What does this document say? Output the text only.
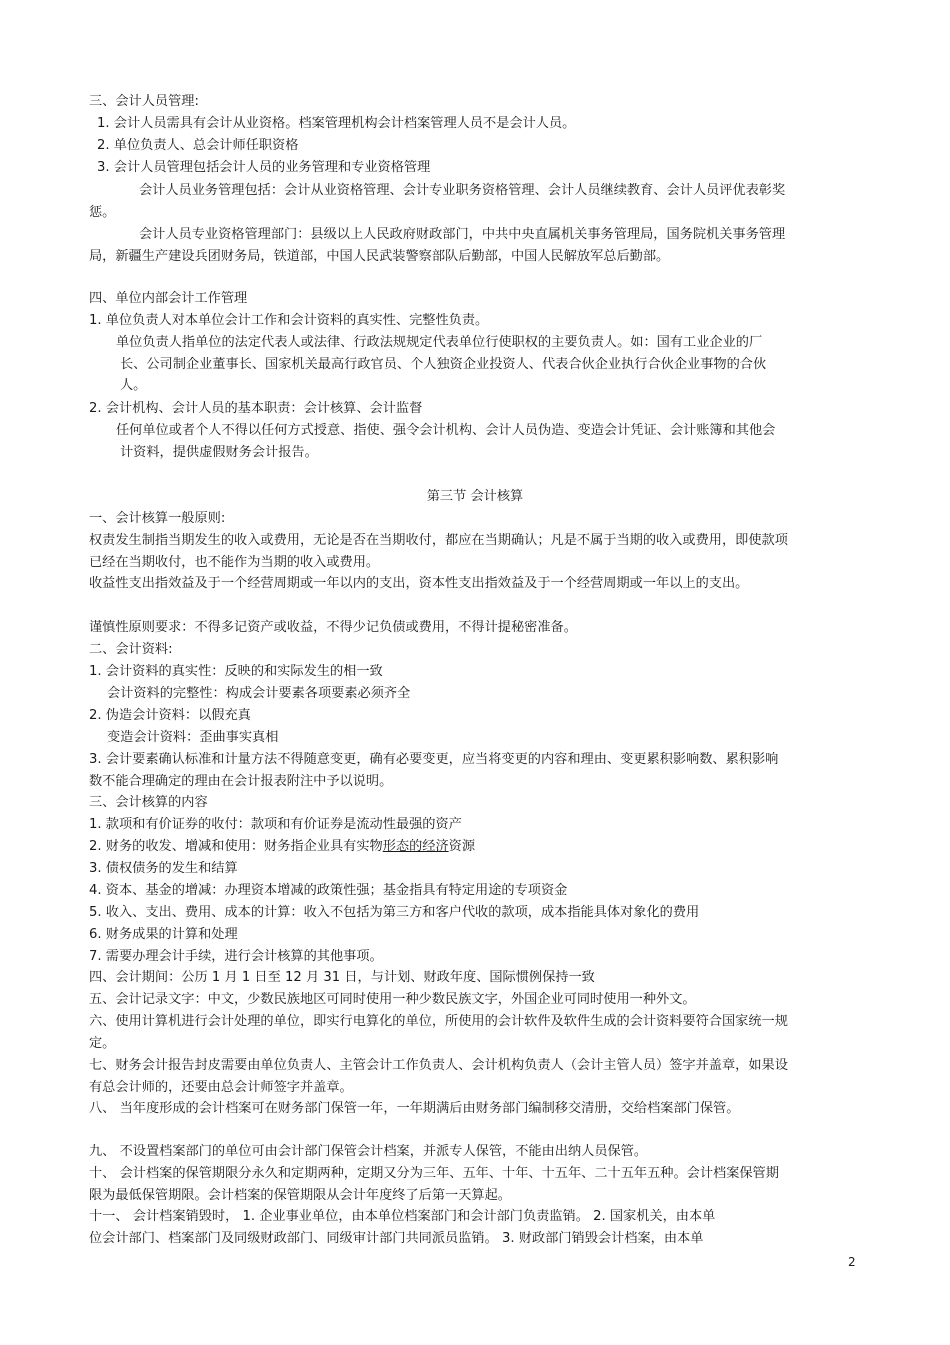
三、会计人员管理:
1. 会计人员需具有会计从业资格。档案管理机构会计档案管理人员不是会计人员。
2. 单位负责人、总会计师任职资格
3. 会计人员管理包括会计人员的业务管理和专业资格管理
会计人员业务管理包括：会计从业资格管理、会计专业职务资格管理、会计人员继续教育、会计人员评优表彰奖惩。
会计人员专业资格管理部门：县级以上人民政府财政部门，中共中央直属机关事务管理局，国务院机关事务管理局，新疆生产建设兵团财务局，铁道部，中国人民武装警察部队后勤部，中国人民解放军总后勤部。
四、单位内部会计工作管理
1. 单位负责人对本单位会计工作和会计资料的真实性、完整性负责。
单位负责人指单位的法定代表人或法律、行政法规规定代表单位行使职权的主要负责人。如：国有工业企业的厂长、公司制企业董事长、国家机关最高行政官员、个人独资企业投资人、代表合伙企业执行合伙企业事物的合伙人。
2. 会计机构、会计人员的基本职责：会计核算、会计监督
任何单位或者个人不得以任何方式授意、指使、强令会计机构、会计人员伪造、变造会计凭证、会计账簿和其他会计资料，提供虚假财务会计报告。
第三节 会计核算
一、会计核算一般原则:
权责发生制指当期发生的收入或费用，无论是否在当期收付，都应在当期确认；凡是不属于当期的收入或费用，即使款项已经在当期收付，也不能作为当期的收入或费用。
收益性支出指效益及于一个经营周期或一年以内的支出，资本性支出指效益及于一个经营周期或一年以上的支出。
谨慎性原则要求：不得多记资产或收益，不得少记负债或费用，不得计提秘密准备。
二、会计资料:
1. 会计资料的真实性：反映的和实际发生的相一致
会计资料的完整性：构成会计要素各项要素必须齐全
2. 伪造会计资料：以假充真
变造会计资料：歪曲事实真相
3. 会计要素确认标准和计量方法不得随意变更，确有必要变更，应当将变更的内容和理由、变更累积影响数、累积影响数不能合理确定的理由在会计报表附注中予以说明。
三、会计核算的内容
1. 款项和有价证券的收付：款项和有价证券是流动性最强的资产
2. 财务的收发、增减和使用：财务指企业具有实物形态的经济资源
3. 债权债务的发生和结算
4. 资本、基金的增减：办理资本增减的政策性强；基金指具有特定用途的专项资金
5. 收入、支出、费用、成本的计算：收入不包括为第三方和客户代收的款项，成本指能具体对象化的费用
6. 财务成果的计算和处理
7. 需要办理会计手续，进行会计核算的其他事项。
四、会计期间：公历 1 月 1 日至 12 月 31 日，与计划、财政年度、国际惯例保持一致
五、会计记录文字：中文，少数民族地区可同时使用一种少数民族文字，外国企业可同时使用一种外文。
六、使用计算机进行会计处理的单位，即实行电算化的单位，所使用的会计软件及软件生成的会计资料要符合国家统一规定。
七、财务会计报告封皮需要由单位负责人、主管会计工作负责人、会计机构负责人（会计主管人员）签字并盖章，如果设有总会计师的，还要由总会计师签字并盖章。
八、 当年度形成的会计档案可在财务部门保管一年，一年期满后由财务部门编制移交清册，交给档案部门保管。
九、 不设置档案部门的单位可由会计部门保管会计档案，并派专人保管，不能由出纳人员保管。
十、 会计档案的保管期限分永久和定期两种，定期又分为三年、五年、十年、十五年、二十五年五种。会计档案保管期限为最低保管期限。会计档案的保管期限从会计年度终了后第一天算起。
十一、 会计档案销毁时， 1. 企业事业单位，由本单位档案部门和会计部门负责监销。 2. 国家机关，由本单
位会计部门、档案部门及同级财政部门、同级审计部门共同派员监销。 3. 财政部门销毁会计档案，由本单
2
